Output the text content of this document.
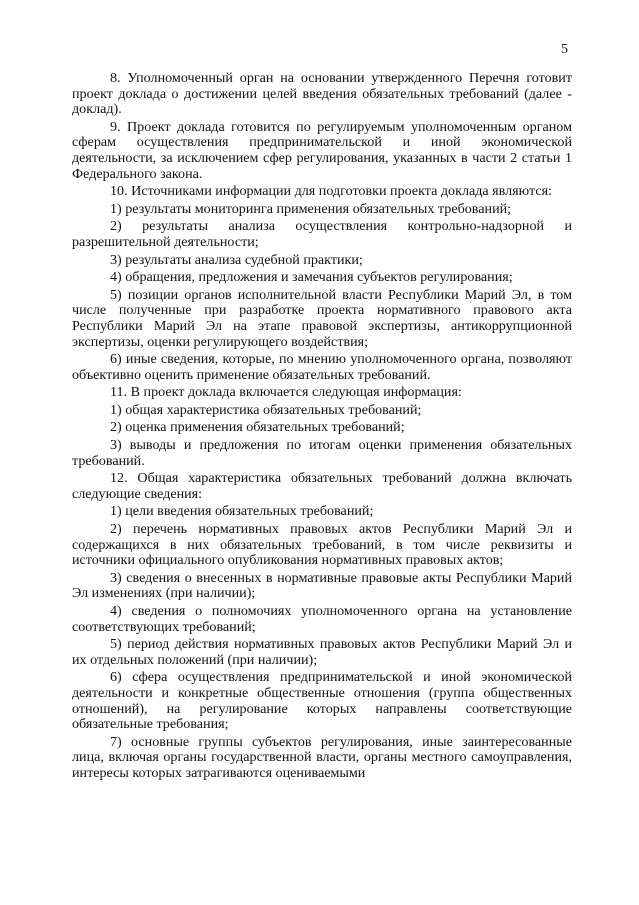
5

8. Уполномоченный орган на основании утвержденного Перечня готовит проект доклада о достижении целей введения обязательных требований (далее - доклад).

9. Проект доклада готовится по регулируемым уполномоченным органом сферам осуществления предпринимательской и иной экономической деятельности, за исключением сфер регулирования, указанных в части 2 статьи 1 Федерального закона.

10. Источниками информации для подготовки проекта доклада являются:

1) результаты мониторинга применения обязательных требований;

2) результаты анализа осуществления контрольно-надзорной и разрешительной деятельности;

3) результаты анализа судебной практики;

4) обращения, предложения и замечания субъектов регулирования;

5) позиции органов исполнительной власти Республики Марий Эл, в том числе полученные при разработке проекта нормативного правового акта Республики Марий Эл на этапе правовой экспертизы, антикоррупционной экспертизы, оценки регулирующего воздействия;

6) иные сведения, которые, по мнению уполномоченного органа, позволяют объективно оценить применение обязательных требований.

11. В проект доклада включается следующая информация:

1) общая характеристика обязательных требований;

2) оценка применения обязательных требований;

3) выводы и предложения по итогам оценки применения обязательных требований.

12. Общая характеристика обязательных требований должна включать следующие сведения:

1) цели введения обязательных требований;

2) перечень нормативных правовых актов Республики Марий Эл и содержащихся в них обязательных требований, в том числе реквизиты и источники официального опубликования нормативных правовых актов;

3) сведения о внесенных в нормативные правовые акты Республики Марий Эл изменениях (при наличии);

4) сведения о полномочиях уполномоченного органа на установление соответствующих требований;

5) период действия нормативных правовых актов Республики Марий Эл и их отдельных положений (при наличии);

6) сфера осуществления предпринимательской и иной экономической деятельности и конкретные общественные отношения (группа общественных отношений), на регулирование которых направлены соответствующие обязательные требования;

7) основные группы субъектов регулирования, иные заинтересованные лица, включая органы государственной власти, органы местного самоуправления, интересы которых затрагиваются оцениваемыми
